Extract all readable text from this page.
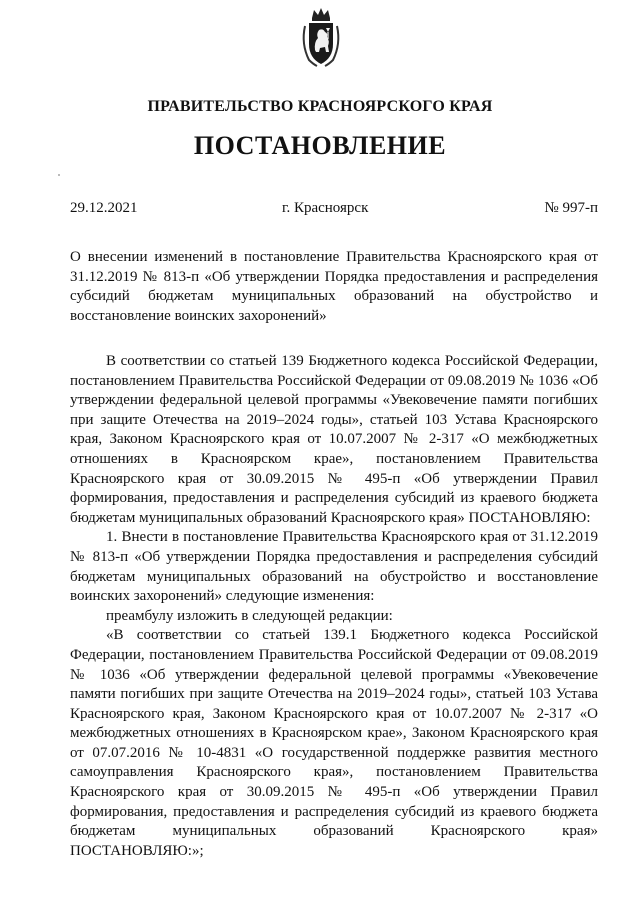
ПРАВИТЕЛЬСТВО КРАСНОЯРСКОГО КРАЯ
ПОСТАНОВЛЕНИЕ
29.12.2021	г. Красноярск	№ 997-п

О внесении изменений в постановление Правительства Красноярского края от 31.12.2019 № 813-п «Об утверждении Порядка предоставления и распределения субсидий бюджетам муниципальных образований на обустройство и восстановление воинских захоронений»

В соответствии со статьей 139 Бюджетного кодекса Российской Федерации, постановлением Правительства Российской Федерации от 09.08.2019 № 1036 «Об утверждении федеральной целевой программы «Увековечение памяти погибших при защите Отечества на 2019–2024 годы», статьей 103 Устава Красноярского края, Законом Красноярского края от 10.07.2007 № 2-317 «О межбюджетных отношениях в Красноярском крае», постановлением Правительства Красноярского края от 30.09.2015 № 495-п «Об утверждении Правил формирования, предоставления и распределения субсидий из краевого бюджета бюджетам муниципальных образований Красноярского края» ПОСТАНОВЛЯЮ:

1. Внести в постановление Правительства Красноярского края от 31.12.2019 № 813-п «Об утверждении Порядка предоставления и распределения субсидий бюджетам муниципальных образований на обустройство и восстановление воинских захоронений» следующие изменения:

преамбулу изложить в следующей редакции:

«В соответствии со статьей 139.1 Бюджетного кодекса Российской Федерации, постановлением Правительства Российской Федерации от 09.08.2019 № 1036 «Об утверждении федеральной целевой программы «Увековечение памяти погибших при защите Отечества на 2019–2024 годы», статьей 103 Устава Красноярского края, Законом Красноярского края от 10.07.2007 № 2-317 «О межбюджетных отношениях в Красноярском крае», Законом Красноярского края от 07.07.2016 № 10-4831 «О государственной поддержке развития местного самоуправления Красноярского края», постановлением Правительства Красноярского края от 30.09.2015 № 495-п «Об утверждении Правил формирования, предоставления и распределения субсидий из краевого бюджета бюджетам муниципальных образований Красноярского края» ПОСТАНОВЛЯЮ:»;
